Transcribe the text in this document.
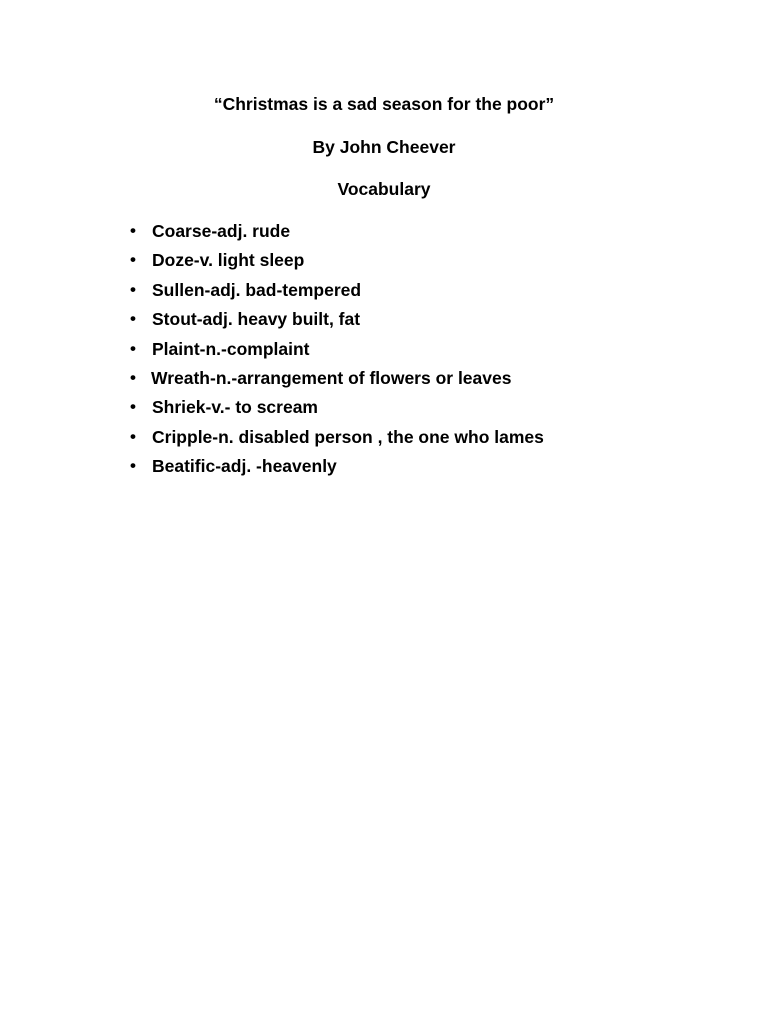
“Christmas is a sad season for the poor”
By John Cheever
Vocabulary
• Coarse-adj. rude
• Doze-v. light sleep
• Sullen-adj. bad-tempered
• Stout-adj. heavy built, fat
• Plaint-n.-complaint
• Wreath-n.-arrangement of flowers or leaves
• Shriek-v.- to scream
• Cripple-n. disabled person , the one who lames
• Beatific-adj. -heavenly
